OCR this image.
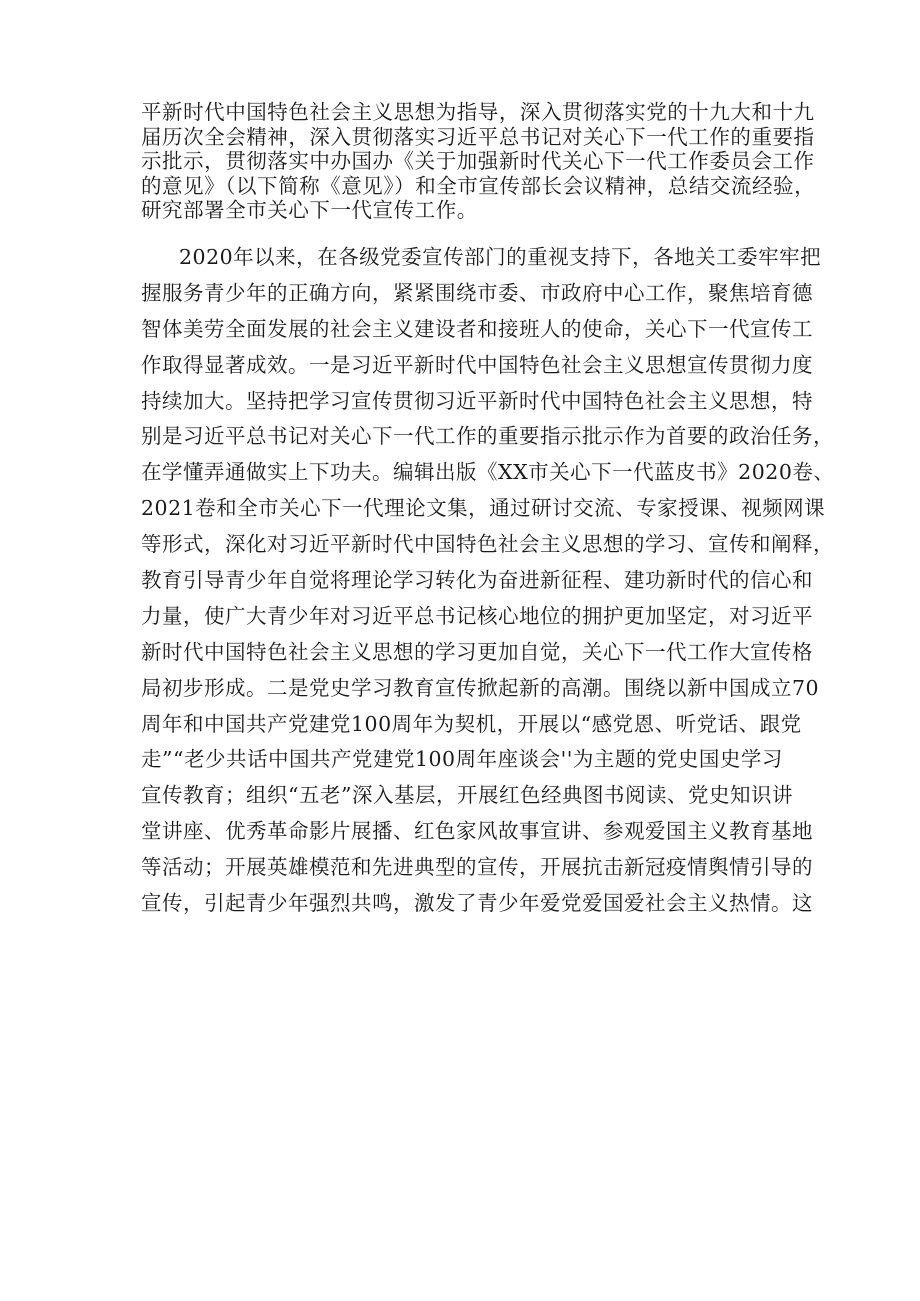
平新时代中国特色社会主义思想为指导，深入贯彻落实党的十九大和十九
届历次全会精神，深入贯彻落实习近平总书记对关心下一代工作的重要指
示批示，贯彻落实中办国办《关于加强新时代关心下一代工作委员会工作
的意见》（以下简称《意见》）和全市宣传部长会议精神，总结交流经验，
研究部署全市关心下一代宣传工作。
2020年以来，在各级党委宣传部门的重视支持下，各地关工委牢牢把
握服务青少年的正确方向，紧紧围绕市委、市政府中心工作，聚焦培育德
智体美劳全面发展的社会主义建设者和接班人的使命，关心下一代宣传工
作取得显著成效。一是习近平新时代中国特色社会主义思想宣传贯彻力度
持续加大。坚持把学习宣传贯彻习近平新时代中国特色社会主义思想，特
别是习近平总书记对关心下一代工作的重要指示批示作为首要的政治任务，
在学懂弄通做实上下功夫。编辑出版《XX市关心下一代蓝皮书》2020卷、
2021卷和全市关心下一代理论文集，通过研讨交流、专家授课、视频网课
等形式，深化对习近平新时代中国特色社会主义思想的学习、宣传和阐释，
教育引导青少年自觉将理论学习转化为奋进新征程、建功新时代的信心和
力量，使广大青少年对习近平总书记核心地位的拥护更加坚定，对习近平
新时代中国特色社会主义思想的学习更加自觉，关心下一代工作大宣传格
局初步形成。二是党史学习教育宣传掀起新的高潮。围绕以新中国成立70
周年和中国共产党建党100周年为契机，开展以“感党恩、听党话、跟党
走”“老少共话中国共产党建党100周年座谈会''为主题的党史国史学习
宣传教育；组织“五老”深入基层，开展红色经典图书阅读、党史知识讲
堂讲座、优秀革命影片展播、红色家风故事宣讲、参观爱国主义教育基地
等活动；开展英雄模范和先进典型的宣传，开展抗击新冠疫情舆情引导的
宣传，引起青少年强烈共鸣，激发了青少年爱党爱国爱社会主义热情。这
